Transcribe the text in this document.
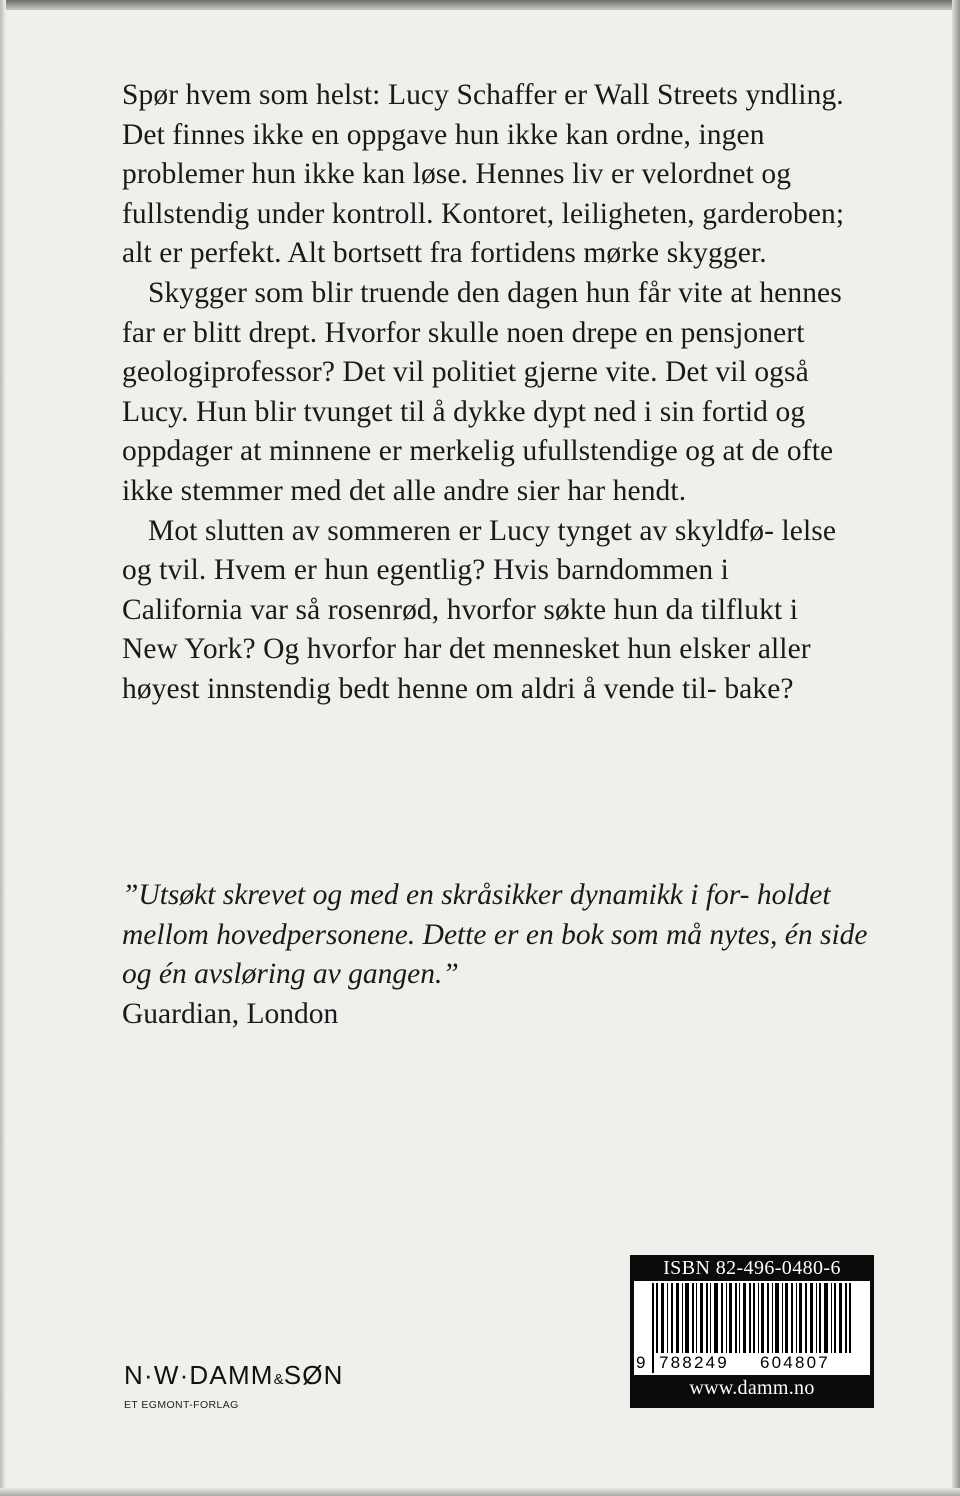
Spør hvem som helst: Lucy Schaffer er Wall Streets yndling. Det finnes ikke en oppgave hun ikke kan ordne, ingen problemer hun ikke kan løse. Hennes liv er velordnet og fullstendig under kontroll. Kontoret, leiligheten, garderoben; alt er perfekt. Alt bortsett fra fortidens mørke skygger.

Skygger som blir truende den dagen hun får vite at hennes far er blitt drept. Hvorfor skulle noen drepe en pensjonert geologiprofessor? Det vil politiet gjerne vite. Det vil også Lucy. Hun blir tvunget til å dykke dypt ned i sin fortid og oppdager at minnene er merkelig ufullstendige og at de ofte ikke stemmer med det alle andre sier har hendt.

Mot slutten av sommeren er Lucy tynget av skyldfø- lelse og tvil. Hvem er hun egentlig? Hvis barndommen i California var så rosenrød, hvorfor søkte hun da tilflukt i New York? Og hvorfor har det mennesket hun elsker aller høyest innstendig bedt henne om aldri å vende til- bake?

”Utsøkt skrevet og med en skråsikker dynamikk i for- holdet mellom hovedpersonene. Dette er en bok som må nytes, én side og én avsløring av gangen.”

Guardian, London

N·W·DAMM&SØN
ET EGMONT-FORLAG
ISBN 82-496-0480-6
9 788249	604807
www.damm.no
